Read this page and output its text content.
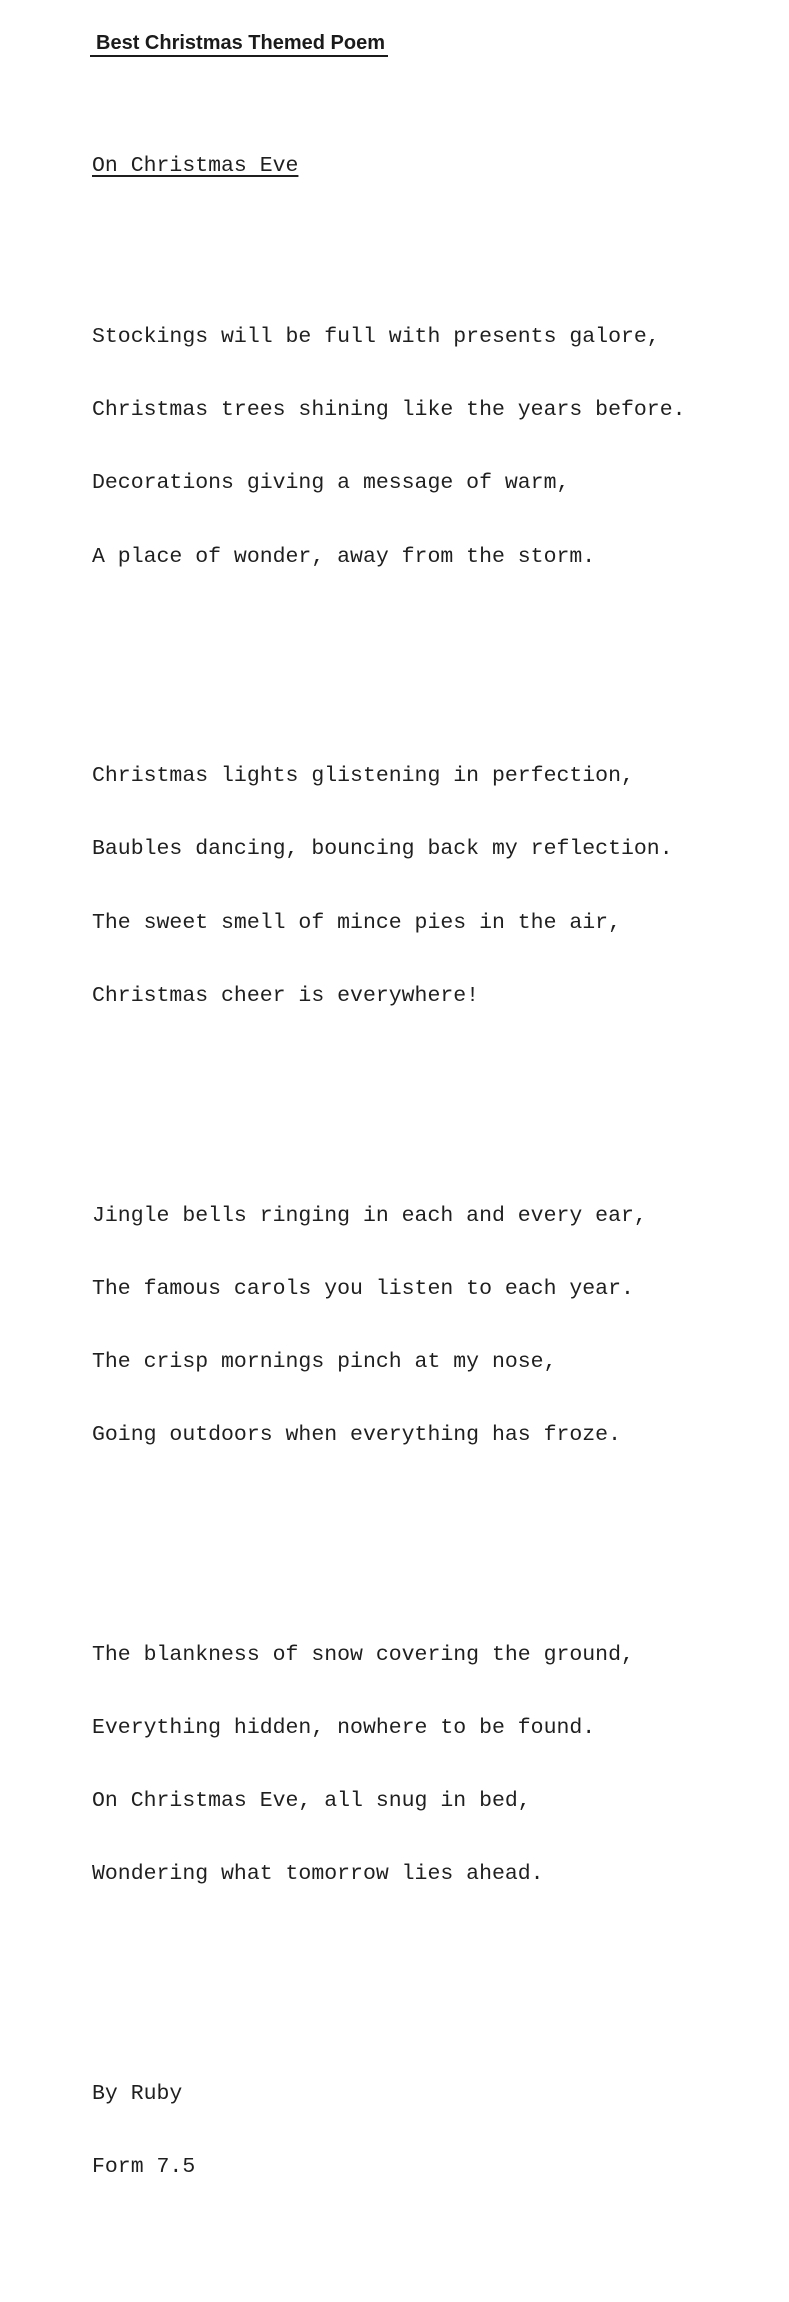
Best Christmas Themed Poem

On Christmas Eve

Stockings will be full with presents galore,

Christmas trees shining like the years before.

Decorations giving a message of warm,

A place of wonder, away from the storm.

Christmas lights glistening in perfection,

Baubles dancing, bouncing back my reflection.

The sweet smell of mince pies in the air,

Christmas cheer is everywhere!

Jingle bells ringing in each and every ear,

The famous carols you listen to each year.

The crisp mornings pinch at my nose,

Going outdoors when everything has froze.

The blankness of snow covering the ground,

Everything hidden, nowhere to be found.

On Christmas Eve, all snug in bed,

Wondering what tomorrow lies ahead.

By Ruby

Form 7.5
